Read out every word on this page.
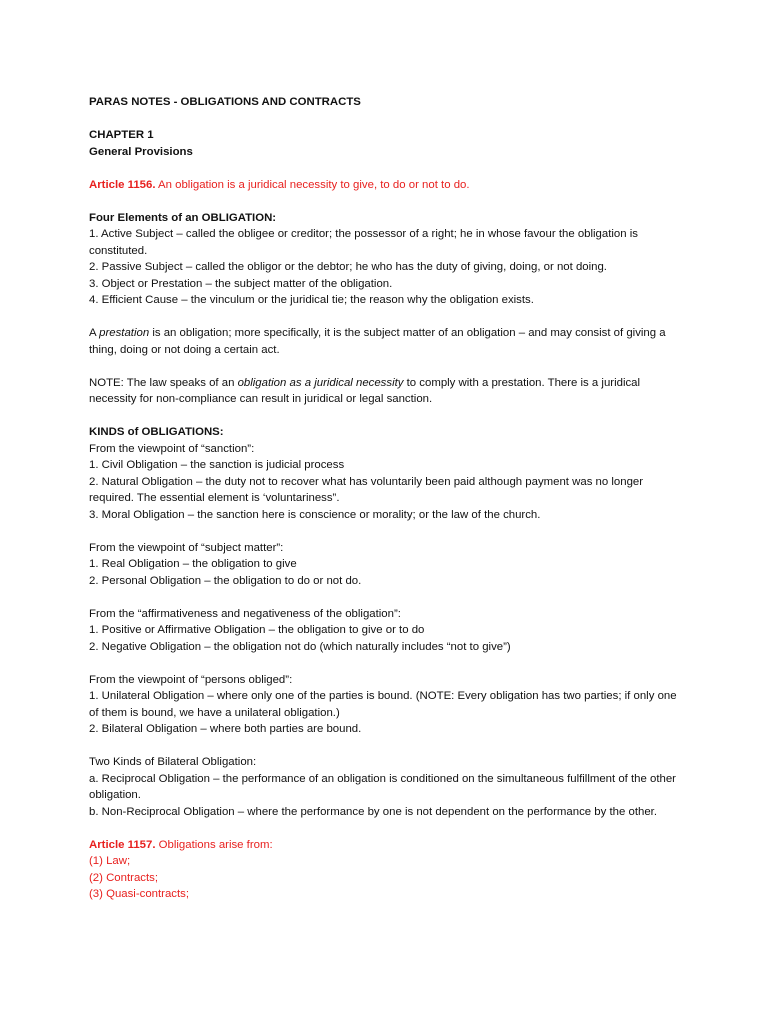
PARAS NOTES - OBLIGATIONS AND CONTRACTS

CHAPTER 1

General Provisions

Article 1156. An obligation is a juridical necessity to give, to do or not to do.

Four Elements of an OBLIGATION:

1. Active Subject – called the obligee or creditor; the possessor of a right; he in whose favour the obligation is constituted.

2. Passive Subject – called the obligor or the debtor; he who has the duty of giving, doing, or not doing.

3. Object or Prestation – the subject matter of the obligation.

4. Efficient Cause – the vinculum or the juridical tie; the reason why the obligation exists.

A prestation is an obligation; more specifically, it is the subject matter of an obligation – and may consist of giving a thing, doing or not doing a certain act.

NOTE: The law speaks of an obligation as a juridical necessity to comply with a prestation. There is a juridical necessity for non-compliance can result in juridical or legal sanction.

KINDS of OBLIGATIONS:

From the viewpoint of “sanction”:

1. Civil Obligation – the sanction is judicial process

2. Natural Obligation – the duty not to recover what has voluntarily been paid although payment was no longer required. The essential element is ‘voluntariness”.

3. Moral Obligation – the sanction here is conscience or morality; or the law of the church.

From the viewpoint of “subject matter”:

1. Real Obligation – the obligation to give

2. Personal Obligation – the obligation to do or not do.

From the “affirmativeness and negativeness of the obligation”:

1. Positive or Affirmative Obligation – the obligation to give or to do

2. Negative Obligation – the obligation not do (which naturally includes “not to give”)

From the viewpoint of “persons obliged”:

1. Unilateral Obligation – where only one of the parties is bound. (NOTE: Every obligation has two parties; if only one of them is bound, we have a unilateral obligation.)

2. Bilateral Obligation – where both parties are bound.

Two Kinds of Bilateral Obligation:

a. Reciprocal Obligation – the performance of an obligation is conditioned on the simultaneous fulfillment of the other obligation.

b. Non-Reciprocal Obligation – where the performance by one is not dependent on the performance by the other.

Article 1157. Obligations arise from:

(1) Law;

(2) Contracts;

(3) Quasi-contracts;
